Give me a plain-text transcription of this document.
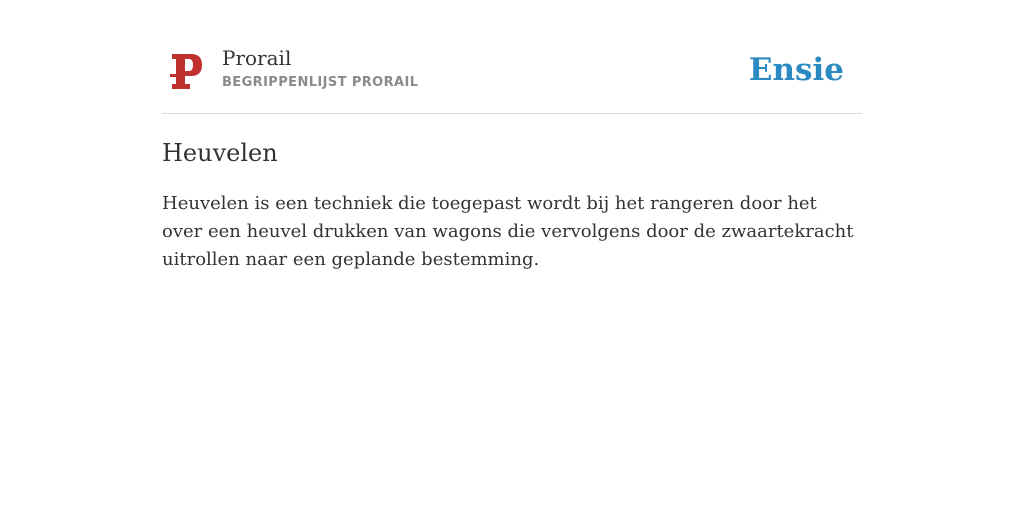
Prorail
BEGRIPPENLIJST PRORAIL	Ensie
Heuvelen

Heuvelen is een techniek die toegepast wordt bij het rangeren door het over een heuvel drukken van wagons die vervolgens door de zwaartekracht uitrollen naar een geplande bestemming.
